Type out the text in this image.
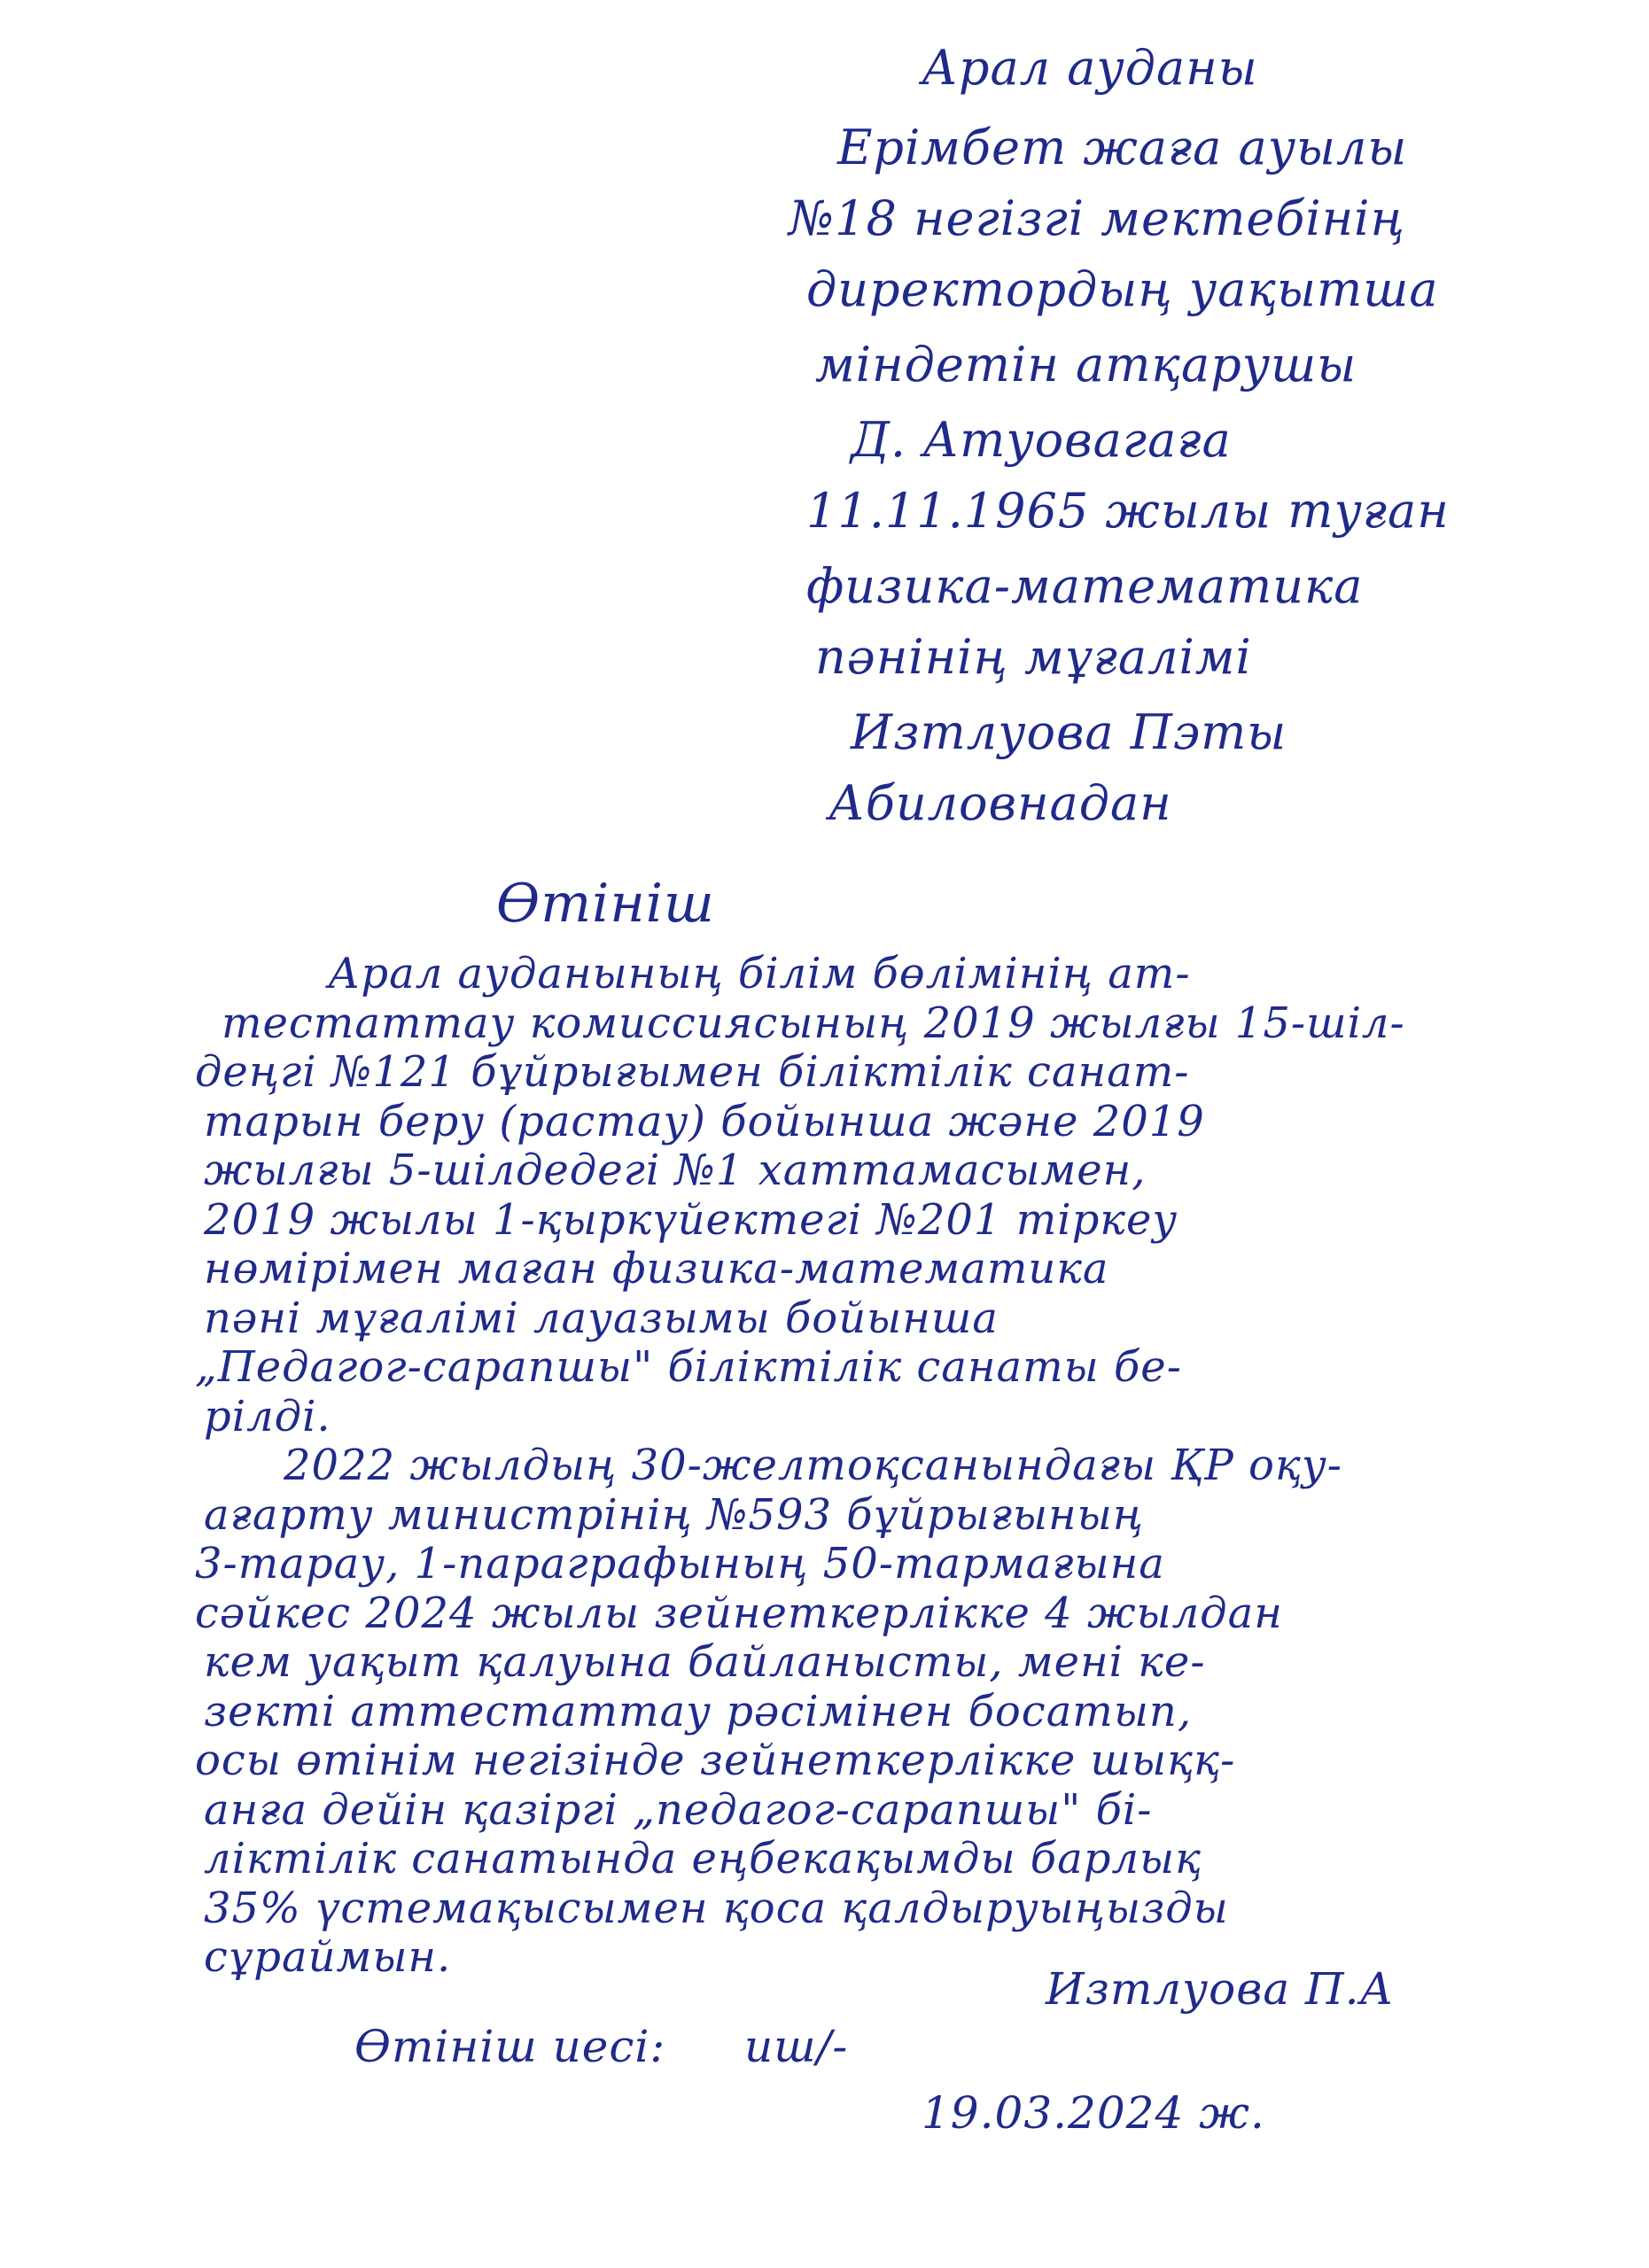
Арал ауданы
Ерімбет жаға ауылы
№18 негізгі мектебінің
директордың уақытша
міндетін атқарушы
Д. Атуовагаға
11.11.1965 жылы туған
физика-математика
пәнінің мұғалімі
Изтлуова Пэты
Абиловнадан
Өтініш
Арал ауданының білім бөлімінің ат-
тестаттау комиссиясының 2019 жылғы 15-шіл-
деңгі №121 бұйрығымен біліктілік санат-
тарын беру (растау) бойынша және 2019
жылғы 5-шілдедегі №1 хаттамасымен,
2019 жылы 1-қыркүйектегі №201 тіркеу
нөмірімен маған физика-математика
пәні мұғалімі лауазымы бойынша
„Педагог-сарапшы" біліктілік санаты бе-
рілді.
2022 жылдың 30-желтоқсанындағы ҚР оқу-
ағарту министрінің №593 бұйрығының
3-тарау, 1-параграфының 50-тармағына
сәйкес 2024 жылы зейнеткерлікке 4 жылдан
кем уақыт қалуына байланысты, мені ке-
зекті аттестаттау рәсімінен босатып,
осы өтінім негізінде зейнеткерлікке шыққ-
анға дейін қазіргі „педагог-сарапшы" бі-
ліктілік санатында еңбекақымды барлық
35% үстемақысымен қоса қалдыруыңызды
сұраймын.
Өтініш иесі: иш/-
Изтлуова П.А
19.03.2024 ж.
